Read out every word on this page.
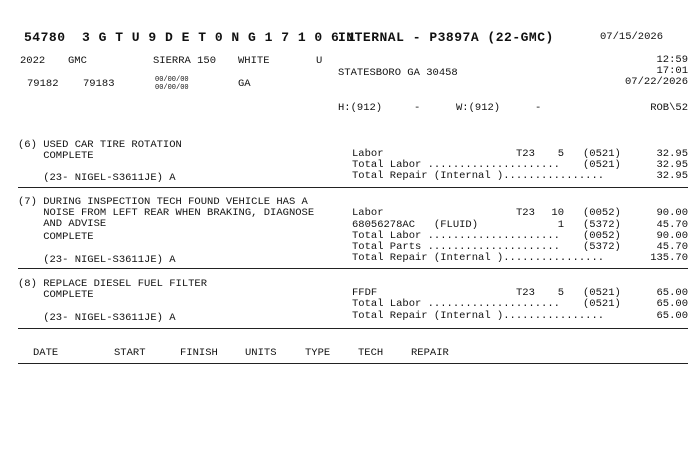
54780 3 G T U 9 D E T 0 N G 1 7 1 0 6 1
INTERNAL - P3897A (22-GMC)	07/15/2026
2022 GMC	SIERRA 150 WHITE	U	12:59
17:01
07/22/2026
STATESBORO GA 30458
79182 79183	00/00/00
00/00/00	GA
H:(912)	-	W:(912)	-	ROB\52
(6) USED CAR TIRE ROTATION
COMPLETE
(23- NIGEL-S3611JE) A
Labor	T23	5 (0521)	32.95
Total Labor ..................... (0521)	32.95
Total Repair (Internal )................	32.95
(7) DURING INSPECTION TECH FOUND VEHICLE HAS A
NOISE FROM LEFT REAR WHEN BRAKING, DIAGNOSE
AND ADVISE
COMPLETE
(23- NIGEL-S3611JE) A
Labor	T23	10 (0052)	90.00
68056278AC   (FLUID)	1 (5372)	45.70
Total Labor ..................... (0052)	90.00
Total Parts ..................... (5372)	45.70
Total Repair (Internal )................	135.70
(8) REPLACE DIESEL FUEL FILTER
COMPLETE
(23- NIGEL-S3611JE) A
FFDF	T23	5 (0521)	65.00
Total Labor ..................... (0521)	65.00
Total Repair (Internal )................	65.00
DATE	START	FINISH	UNITS	TYPE	TECH	REPAIR
